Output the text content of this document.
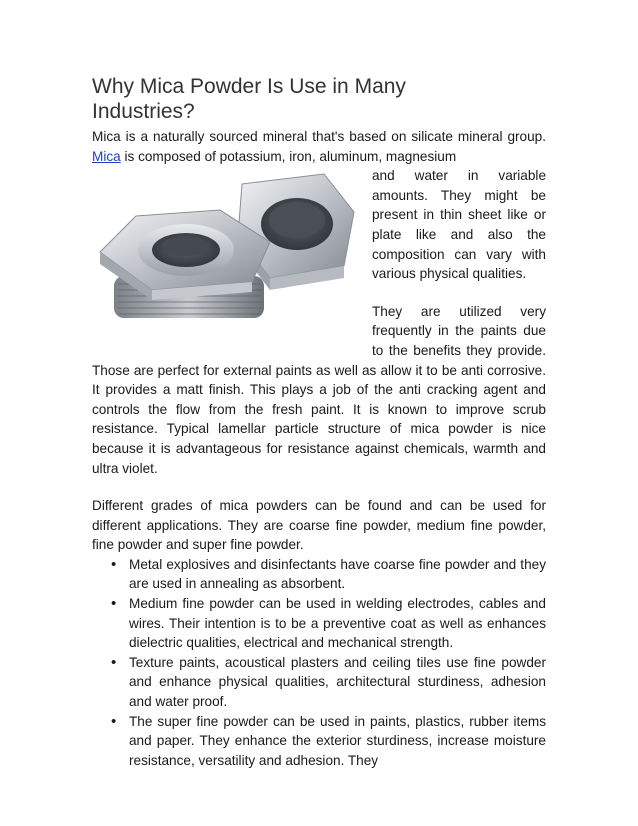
Why Mica Powder Is Use in Many Industries?

Mica is a naturally sourced mineral that's based on silicate mineral group. Mica is composed of potassium, iron, aluminum, magnesium

and water in variable amounts. They might be present in thin sheet like or plate like and also the composition can vary with various physical qualities.

They are utilized very frequently in the paints due to the benefits they provide. Those are perfect for external paints as well as allow it to be anti corrosive. It provides a matt finish. This plays a job of the anti cracking agent and controls the flow from the fresh paint. It is known to improve scrub resistance. Typical lamellar particle structure of mica powder is nice because it is advantageous for resistance against chemicals, warmth and ultra violet.

Different grades of mica powders can be found and can be used for different applications. They are coarse fine powder, medium fine powder, fine powder and super fine powder.

• Metal explosives and disinfectants have coarse fine powder and they are used in annealing as absorbent.
• Medium fine powder can be used in welding electrodes, cables and wires. Their intention is to be a preventive coat as well as enhances dielectric qualities, electrical and mechanical strength.
• Texture paints, acoustical plasters and ceiling tiles use fine powder and enhance physical qualities, architectural sturdiness, adhesion and water proof.
• The super fine powder can be used in paints, plastics, rubber items and paper. They enhance the exterior sturdiness, increase moisture resistance, versatility and adhesion. They
